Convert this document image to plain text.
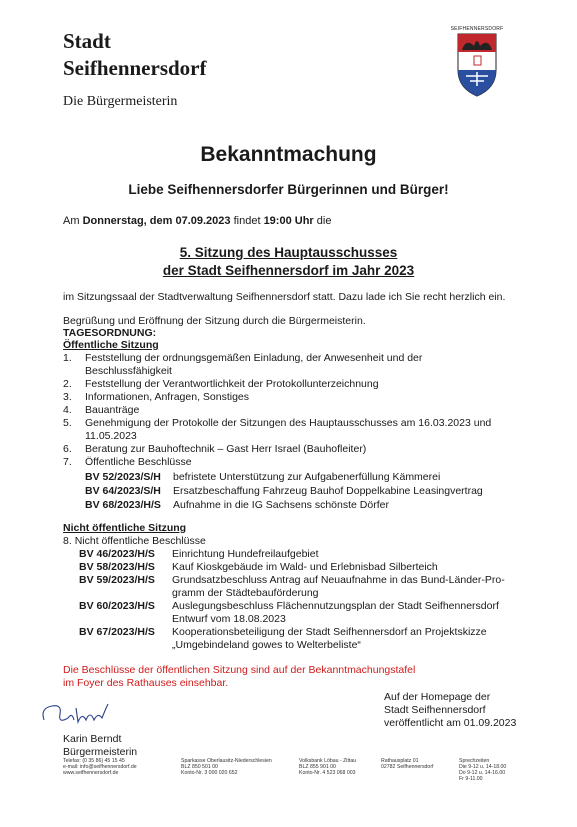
Stadt
Seifhennersdorf
Die Bürgermeisterin
SEIFHENNERSDORF
Bekanntmachung
Liebe Seifhennersdorfer Bürgerinnen und Bürger!
Am Donnerstag, dem 07.09.2023 findet 19:00 Uhr die
5. Sitzung des Hauptausschusses
der Stadt Seifhennersdorf im Jahr 2023
im Sitzungssaal der Stadtverwaltung Seifhennersdorf statt. Dazu lade ich Sie recht herzlich ein.
Begrüßung und Eröffnung der Sitzung durch die Bürgermeisterin.
TAGESORDNUNG:
Öffentliche Sitzung
1.	Feststellung der ordnungsgemäßen Einladung, der Anwesenheit und der
Beschlussfähigkeit
2.	Feststellung der Verantwortlichkeit der Protokollunterzeichnung
3.	Informationen, Anfragen, Sonstiges
4.	Bauanträge
5.	Genehmigung der Protokolle der Sitzungen des Hauptausschusses am 16.03.2023 und
11.05.2023
6.	Beratung zur Bauhoftechnik – Gast Herr Israel (Bauhofleiter)
7.	Öffentliche Beschlüsse
BV 52/2023/S/H befristete Unterstützung zur Aufgabenerfüllung Kämmerei
BV 64/2023/S/H Ersatzbeschaffung Fahrzeug Bauhof Doppelkabine Leasingvertrag
BV 68/2023/H/S Aufnahme in die IG Sachsens schönste Dörfer
Nicht öffentliche Sitzung
8. Nicht öffentliche Beschlüsse
BV 46/2023/H/S	Einrichtung Hundefreilaufgebiet
BV 58/2023/H/S	Kauf Kioskgebäude im Wald- und Erlebnisbad Silberteich
BV 59/2023/H/S	Grundsatzbeschluss Antrag auf Neuaufnahme in das Bund-Länder-Pro-
gramm der Städtebauförderung
BV 60/2023/H/S	Auslegungsbeschluss Flächennutzungsplan der Stadt Seifhennersdorf
Entwurf vom 18.08.2023
BV 67/2023/H/S	Kooperationsbeteiligung der Stadt Seifhennersdorf an Projektskizze
„Umgebindeland gowes to Welterbeliste“
Die Beschlüsse der öffentlichen Sitzung sind auf der Bekanntmachungstafel
im Foyer des Rathauses einsehbar.
Auf der Homepage der
Stadt Seifhennersdorf
veröffentlicht am 01.09.2023
Karin Berndt
Bürgermeisterin
Telefax: (0 35 86) 45 15 45
e-mail: info@seifhennersdorf.de
www.seifhennersdorf.de
Sparkasse Oberlausitz-Niederschlesien
BLZ 850 501 00
Konto-Nr. 3 000 020 652
Volksbank Löbau - Zittau
BLZ 855 901 00
Konto-Nr. 4 523 068 003
Rathausplatz 01
02782 Seifhennersdorf
Sprechzeiten
Die 9-12 u. 14-18.00
Do 9-12 u. 14-16.00
Fr 9-11.00
